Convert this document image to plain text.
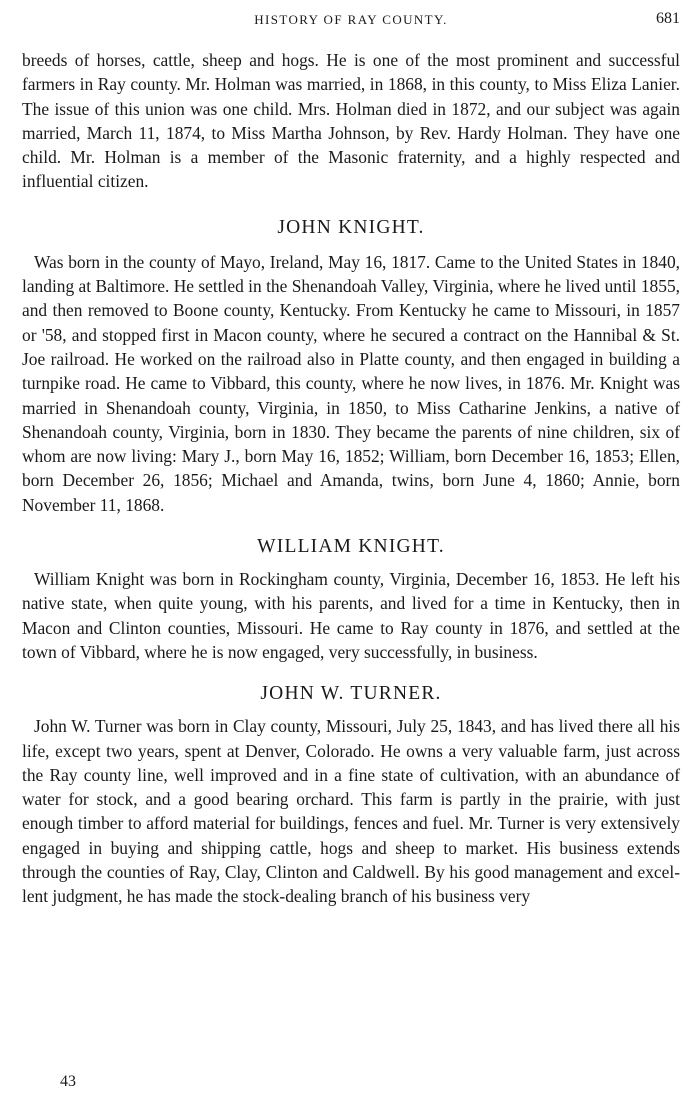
HISTORY OF RAY COUNTY.	681

breeds of horses, cattle, sheep and hogs. He is one of the most prominent and successful farmers in Ray county. Mr. Holman was married, in 1868, in this county, to Miss Eliza Lanier. The issue of this union was one child. Mrs. Holman died in 1872, and our subject was again married, March 11, 1874, to Miss Martha Johnson, by Rev. Hardy Holman. They have one child. Mr. Holman is a member of the Masonic fraternity, and a highly respected and influential citizen.

JOHN KNIGHT.

Was born in the county of Mayo, Ireland, May 16, 1817. Came to the United States in 1840, landing at Baltimore. He settled in the Shenandoah Valley, Virginia, where he lived until 1855, and then removed to Boone county, Kentucky. From Kentucky he came to Missouri, in 1857 or '58, and stopped first in Macon county, where he secured a contract on the Hannibal & St. Joe railroad. He worked on the railroad also in Platte county, and then engaged in building a turnpike road. He came to Vibbard, this county, where he now lives, in 1876. Mr. Knight was married in Shenandoah county, Virginia, in 1850, to Miss Catharine Jenkins, a native of Shenandoah county, Virginia, born in 1830. They became the parents of nine children, six of whom are now living: Mary J., born May 16, 1852; William, born December 16, 1853; Ellen, born December 26, 1856; Michael and Amanda, twins, born June 4, 1860; Annie, born November 11, 1868.

WILLIAM KNIGHT.

William Knight was born in Rockingham county, Virginia, December 16, 1853. He left his native state, when quite young, with his parents, and lived for a time in Kentucky, then in Macon and Clinton counties, Missouri. He came to Ray county in 1876, and settled at the town of Vibbard, where he is now engaged, very successfully, in business.

JOHN W. TURNER.

John W. Turner was born in Clay county, Missouri, July 25, 1843, and has lived there all his life, except two years, spent at Denver, Colorado. He owns a very valuable farm, just across the Ray county line, well improved and in a fine state of cultivation, with an abundance of water for stock, and a good bearing orchard. This farm is partly in the prairie, with just enough timber to afford material for buildings, fences and fuel. Mr. Turner is very extensively engaged in buying and shipping cattle, hogs and sheep to market. His business extends through the counties of Ray, Clay, Clinton and Caldwell. By his good management and excellent judgment, he has made the stock-dealing branch of his business very

43
